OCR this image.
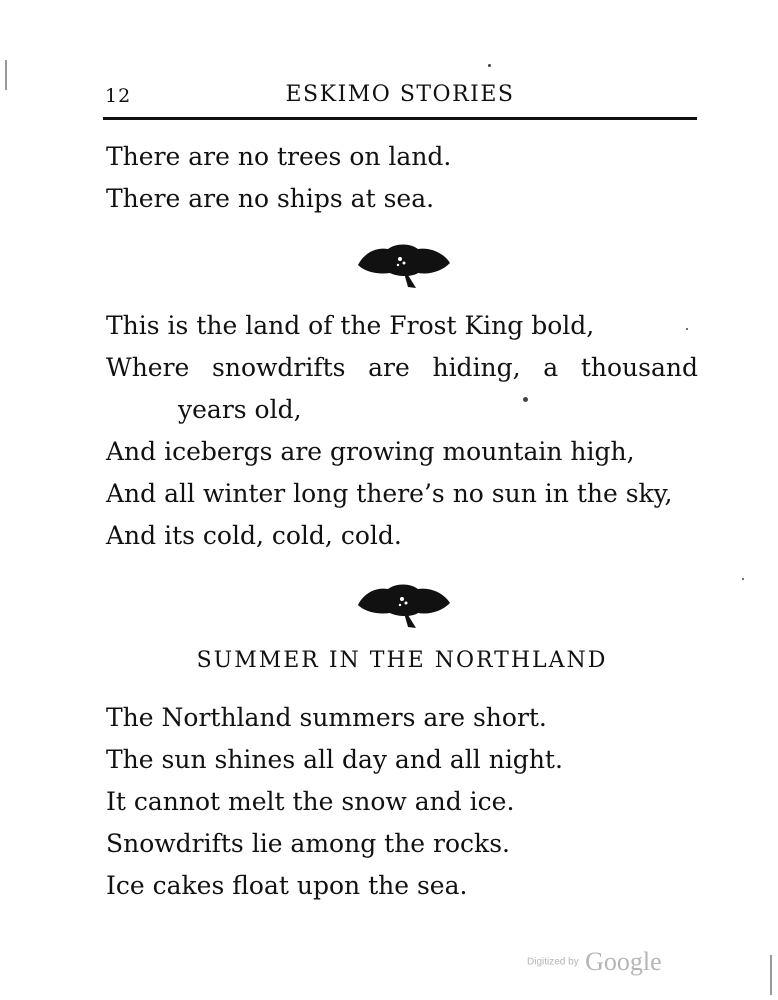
12	ESKIMO STORIES
There are no trees on land.
There are no ships at sea.
This is the land of the Frost King bold,
Where snowdrifts are hiding, a thousand
years old,
And icebergs are growing mountain high,
And all winter long there’s no sun in the sky,
And its cold, cold, cold.
SUMMER IN THE NORTHLAND
The Northland summers are short.
The sun shines all day and all night.
It cannot melt the snow and ice.
Snowdrifts lie among the rocks.
Ice cakes float upon the sea.
Digitized by Google
